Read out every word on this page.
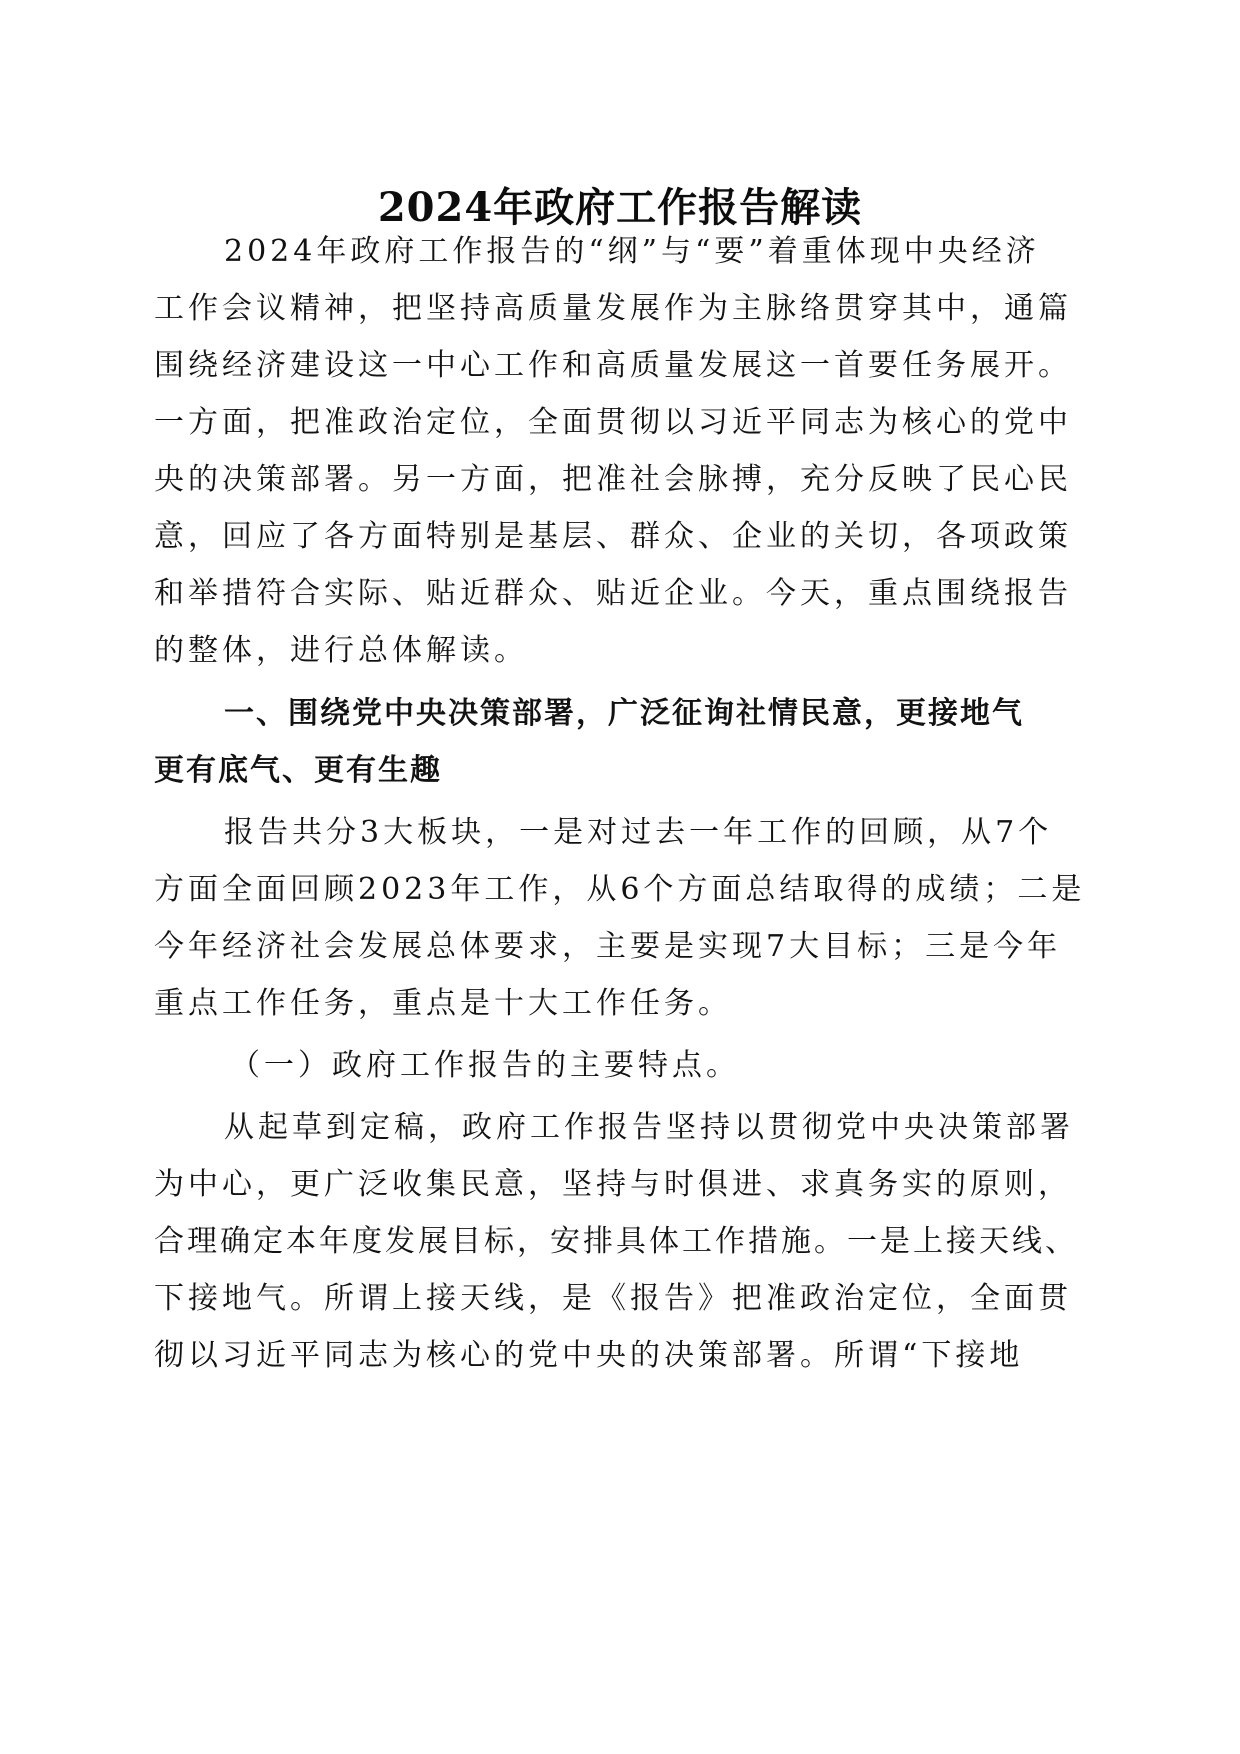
2024年政府工作报告解读
2024年政府工作报告的“纲”与“要”着重体现中央经济
工作会议精神，把坚持高质量发展作为主脉络贯穿其中，通篇
围绕经济建设这一中心工作和高质量发展这一首要任务展开。
一方面，把准政治定位，全面贯彻以习近平同志为核心的党中
央的决策部署。另一方面，把准社会脉搏，充分反映了民心民
意，回应了各方面特别是基层、群众、企业的关切，各项政策
和举措符合实际、贴近群众、贴近企业。今天，重点围绕报告
的整体，进行总体解读。
一、围绕党中央决策部署，广泛征询社情民意，更接地气
更有底气、更有生趣
报告共分3大板块，一是对过去一年工作的回顾，从7个
方面全面回顾2023年工作，从6个方面总结取得的成绩；二是
今年经济社会发展总体要求，主要是实现7大目标；三是今年
重点工作任务，重点是十大工作任务。
（一）政府工作报告的主要特点。
从起草到定稿，政府工作报告坚持以贯彻党中央决策部署
为中心，更广泛收集民意，坚持与时俱进、求真务实的原则，
合理确定本年度发展目标，安排具体工作措施。一是上接天线、
下接地气。所谓上接天线，是《报告》把准政治定位，全面贯
彻以习近平同志为核心的党中央的决策部署。所谓“下接地
